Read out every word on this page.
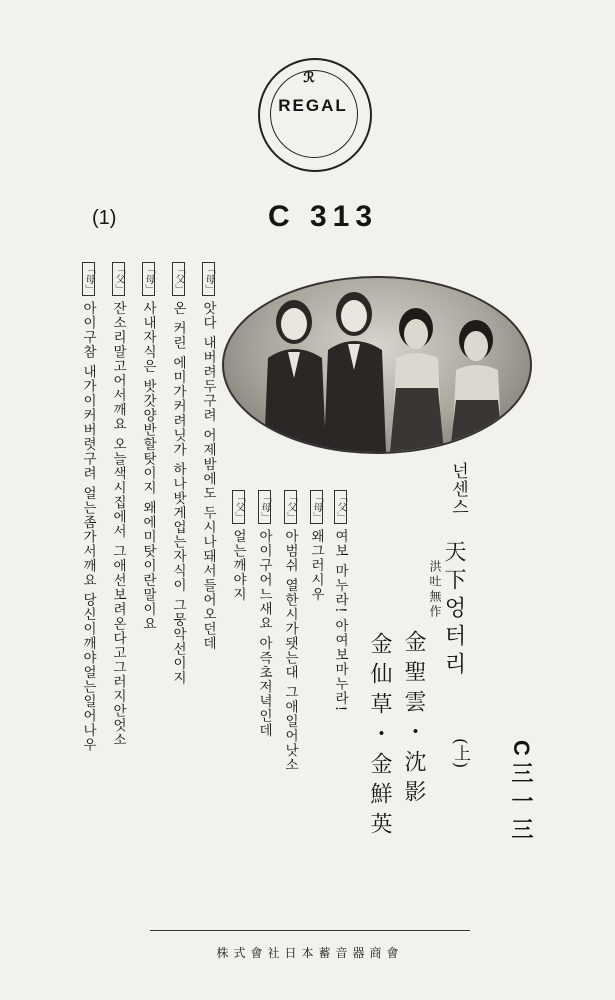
ℛ
REGAL
C 313
(1)
넌센스
洪吐無作 天下엉터리
(上)
金聖雲・沈影
金仙草・金鮮英	C三一三
「父」 여보 마누라! 아여보마누라!
「母」 왜그러시우
「父」 아범쉬 열한시가됏는대 그애일어낫소
「母」 아이구어느새요 아즉초저녁인데
「父」 얼는깨야지
「母」 앗다 내버려두구려 어제밤에도 두시나돼서들어오던데
「父」 온 커린 에미가커려닛가 하나밧게업는자식이 그뭉악선이지
「母」 사내자식은 밧갓양반할탓이지 왜에미탓이란말이요
「父」 잔소리말고어서깨요 오늘색시집에서 그애선보려온다고그러지안엇소
「母」 아이구참 내가이커버렷구려 얼는좀가서깨요 당신이깨야얼는일어나우
株式會社日本蓄音器商會
